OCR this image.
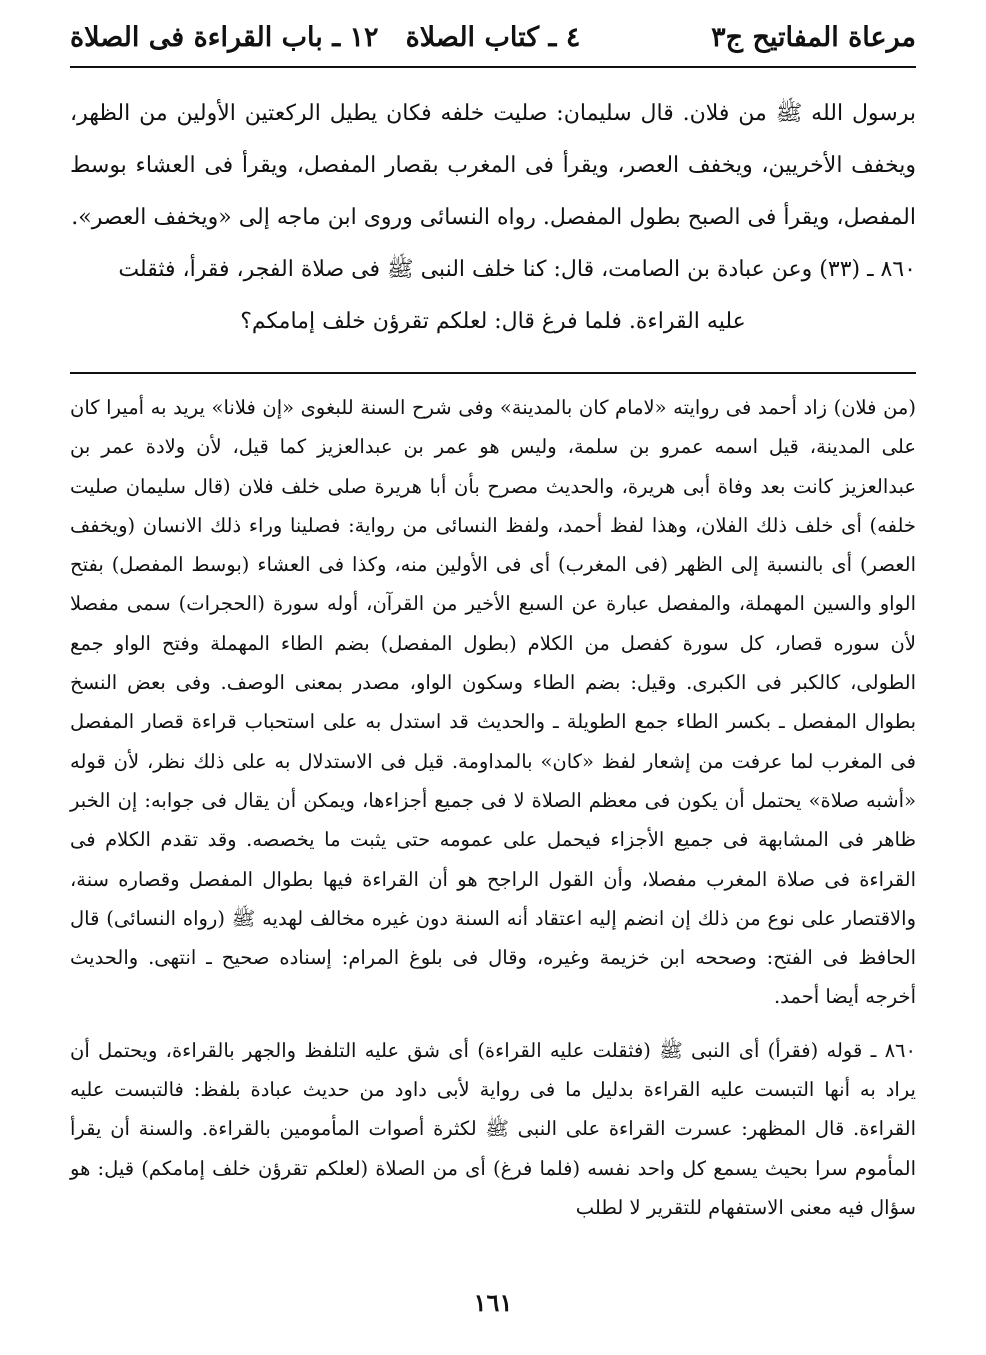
مرعاة المفاتيح ج٣
٤ ـ كتاب الصلاة
١٢ ـ باب القراءة فى الصلاة

برسول الله ﷺ من فلان. قال سليمان: صليت خلفه فكان يطيل الركعتين الأولين من الظهر، ويخفف الأخريين، ويخفف العصر، ويقرأ فى المغرب بقصار المفصل، ويقرأ فى العشاء بوسط المفصل، ويقرأ فى الصبح بطول المفصل. رواه النسائى وروى ابن ماجه إلى «ويخفف العصر».

٨٦٠ ـ (٣٣) وعن عبادة بن الصامت، قال: كنا خلف النبى ﷺ فى صلاة الفجر، فقرأ، فثقلت

عليه القراءة. فلما فرغ قال: لعلكم تقرؤن خلف إمامكم؟

(من فلان) زاد أحمد فى روايته «لامام كان بالمدينة» وفى شرح السنة للبغوى «إن فلانا» يريد به أميرا كان على المدينة، قيل اسمه عمرو بن سلمة، وليس هو عمر بن عبدالعزيز كما قيل، لأن ولادة عمر بن عبدالعزيز كانت بعد وفاة أبى هريرة، والحديث مصرح بأن أبا هريرة صلى خلف فلان (قال سليمان صليت خلفه) أى خلف ذلك الفلان، وهذا لفظ أحمد، ولفظ النسائى من رواية: فصلينا وراء ذلك الانسان (ويخفف العصر) أى بالنسبة إلى الظهر (فى المغرب) أى فى الأولين منه، وكذا فى العشاء (بوسط المفصل) بفتح الواو والسين المهملة، والمفصل عبارة عن السبع الأخير من القرآن، أوله سورة (الحجرات) سمى مفصلا لأن سوره قصار، كل سورة كفصل من الكلام (بطول المفصل) بضم الطاء المهملة وفتح الواو جمع الطولى، كالكبر فى الكبرى. وقيل: بضم الطاء وسكون الواو، مصدر بمعنى الوصف. وفى بعض النسخ بطوال المفصل ـ بكسر الطاء جمع الطويلة ـ والحديث قد استدل به على استحباب قراءة قصار المفصل فى المغرب لما عرفت من إشعار لفظ «كان» بالمداومة. قيل فى الاستدلال به على ذلك نظر، لأن قوله «أشبه صلاة» يحتمل أن يكون فى معظم الصلاة لا فى جميع أجزاءها، ويمكن أن يقال فى جوابه: إن الخبر ظاهر فى المشابهة فى جميع الأجزاء فيحمل على عمومه حتى يثبت ما يخصصه. وقد تقدم الكلام فى القراءة فى صلاة المغرب مفصلا، وأن القول الراجح هو أن القراءة فيها بطوال المفصل وقصاره سنة، والاقتصار على نوع من ذلك إن انضم إليه اعتقاد أنه السنة دون غيره مخالف لهديه ﷺ (رواه النسائى) قال الحافظ فى الفتح: وصححه ابن خزيمة وغيره، وقال فى بلوغ المرام: إسناده صحيح ـ انتهى. والحديث أخرجه أيضا أحمد.

٨٦٠ ـ قوله (فقرأ) أى النبى ﷺ (فثقلت عليه القراءة) أى شق عليه التلفظ والجهر بالقراءة، ويحتمل أن يراد به أنها التبست عليه القراءة بدليل ما فى رواية لأبى داود من حديث عبادة بلفظ: فالتبست عليه القراءة. قال المظهر: عسرت القراءة على النبى ﷺ لكثرة أصوات المأمومين بالقراءة. والسنة أن يقرأ المأموم سرا بحيث يسمع كل واحد نفسه (فلما فرغ) أى من الصلاة (لعلكم تقرؤن خلف إمامكم) قيل: هو سؤال فيه معنى الاستفهام للتقرير لا لطلب

١٦١
